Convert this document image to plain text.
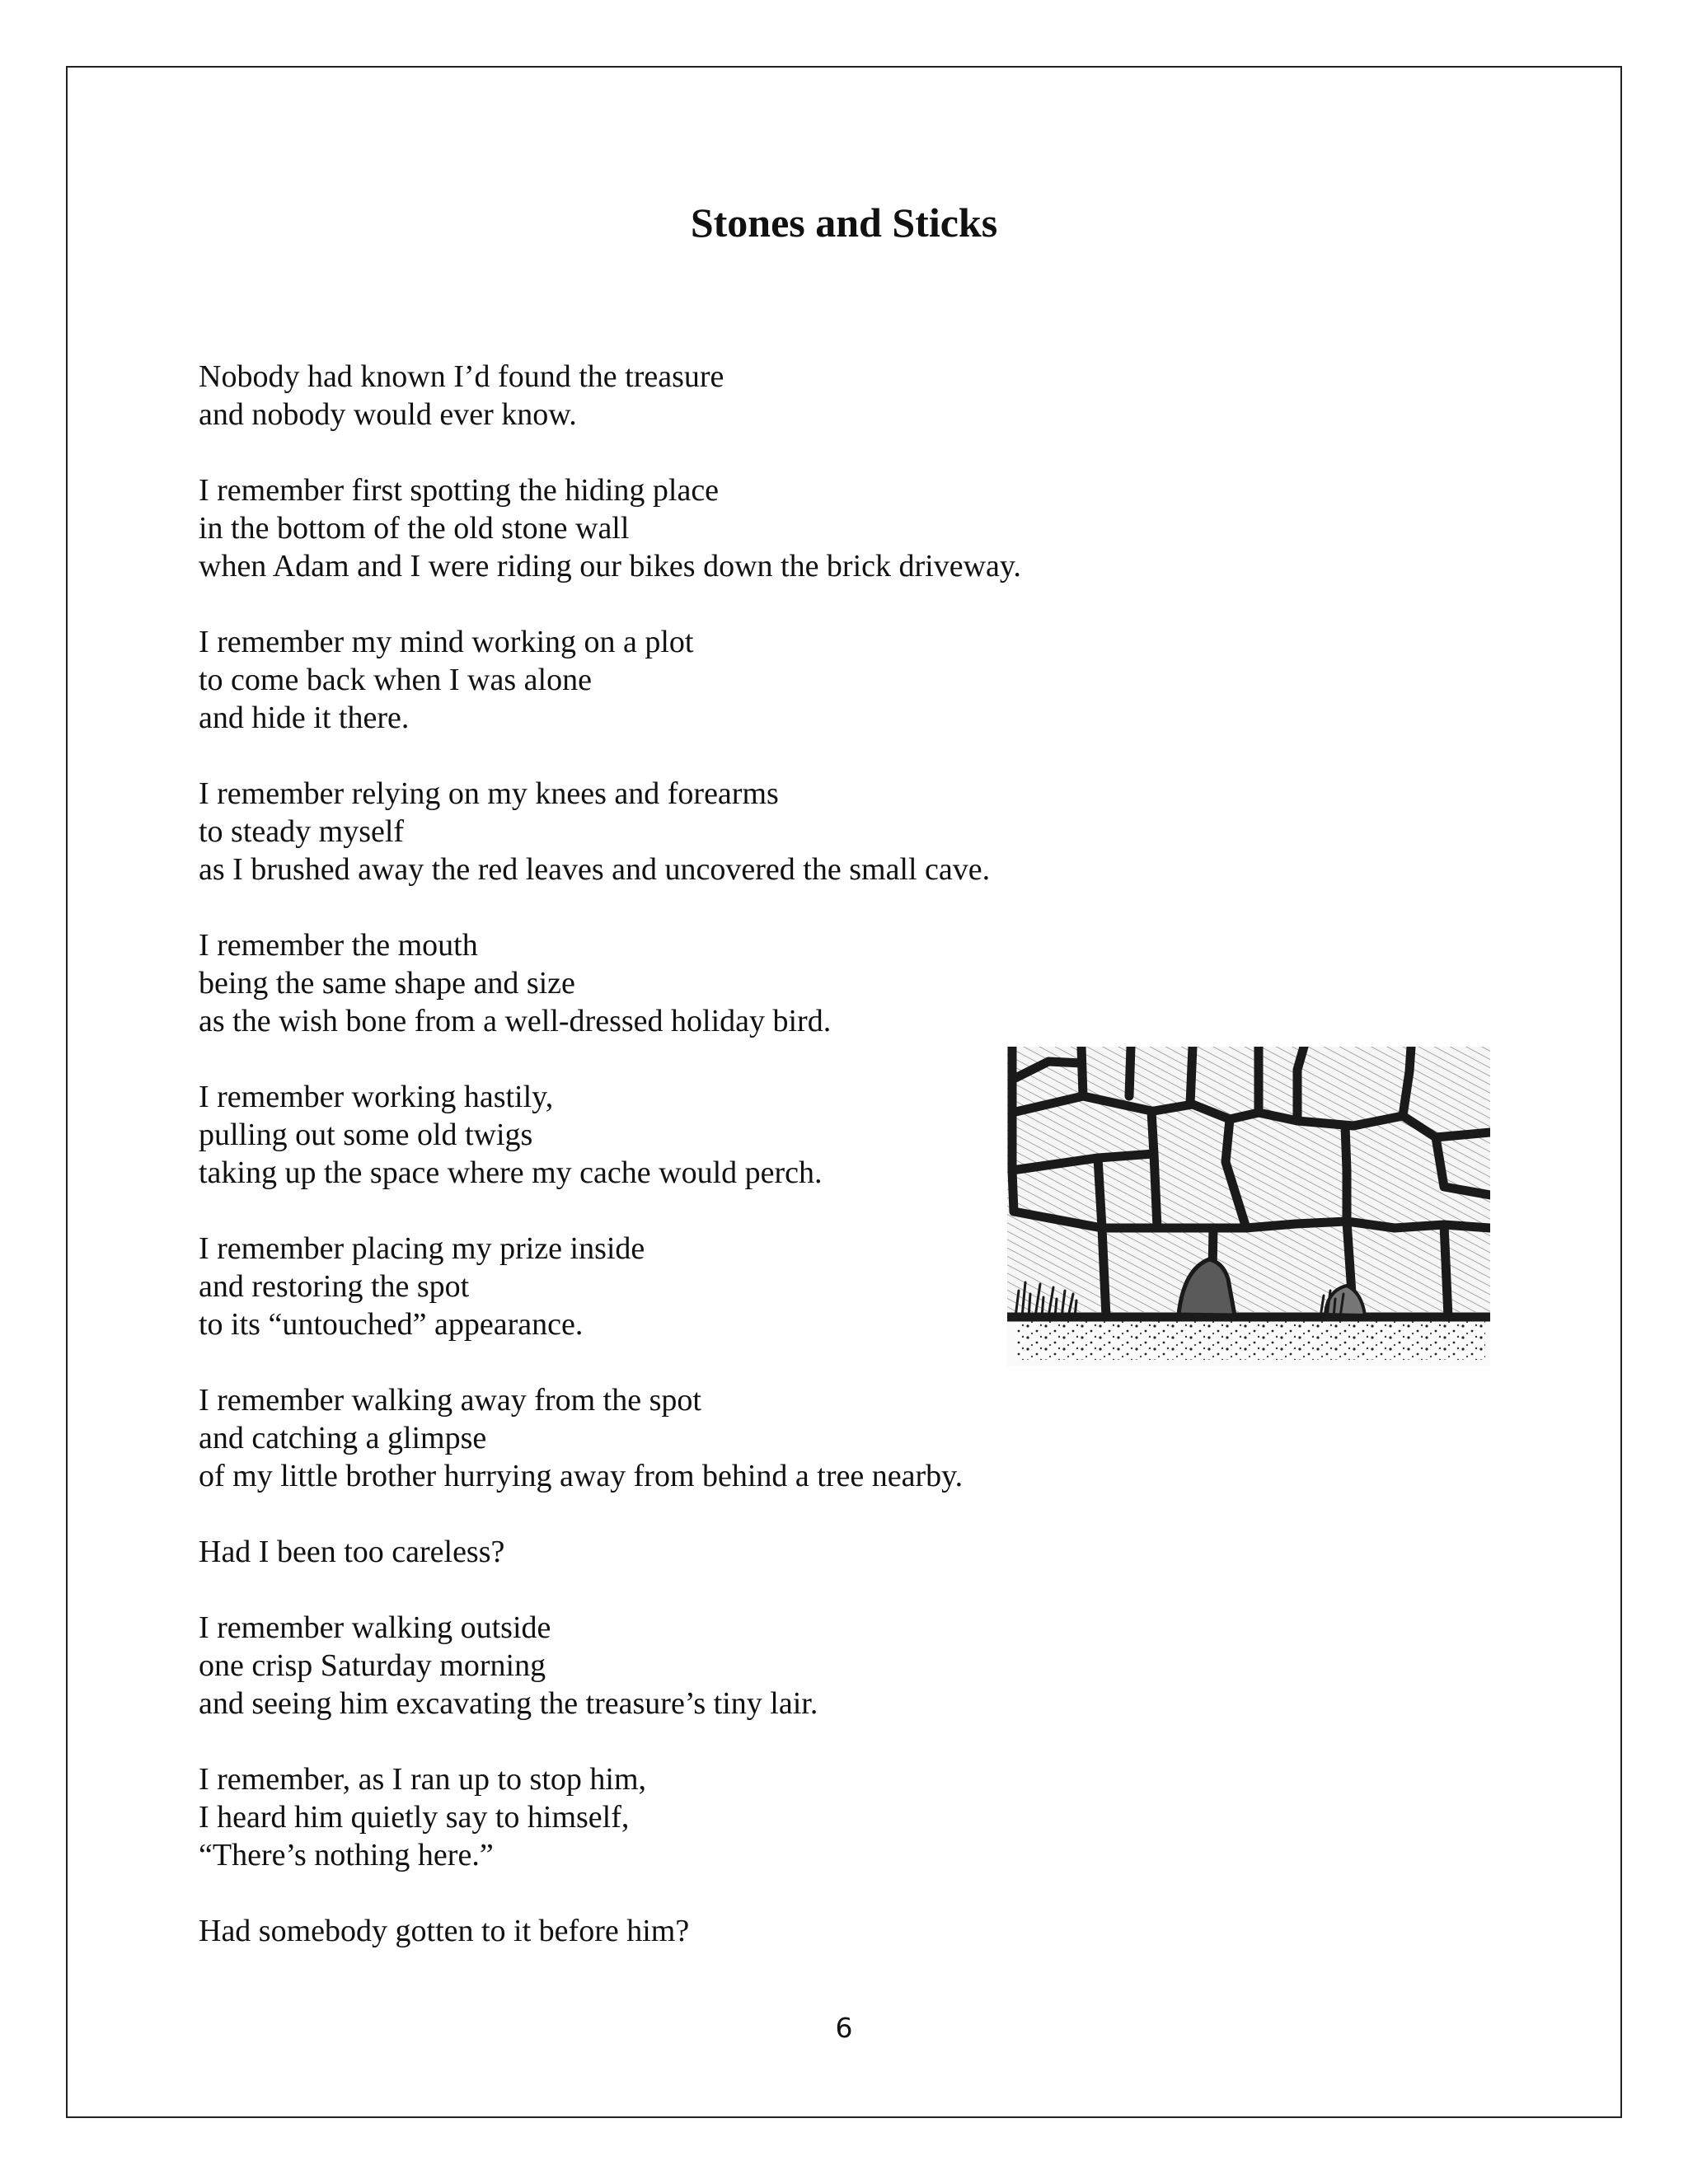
Stones and Sticks
Nobody had known I’d found the treasure
and nobody would ever know.
I remember first spotting the hiding place
in the bottom of the old stone wall
when Adam and I were riding our bikes down the brick driveway.
I remember my mind working on a plot
to come back when I was alone
and hide it there.
I remember relying on my knees and forearms
to steady myself
as I brushed away the red leaves and uncovered the small cave.
I remember the mouth
being the same shape and size
as the wish bone from a well-dressed holiday bird.
I remember working hastily,
pulling out some old twigs
taking up the space where my cache would perch.
I remember placing my prize inside
and restoring the spot
to its “untouched” appearance.
I remember walking away from the spot
and catching a glimpse
of my little brother hurrying away from behind a tree nearby.
Had I been too careless?
I remember walking outside
one crisp Saturday morning
and seeing him excavating the treasure’s tiny lair.
I remember, as I ran up to stop him,
I heard him quietly say to himself,
“There’s nothing here.”
Had somebody gotten to it before him?
6
